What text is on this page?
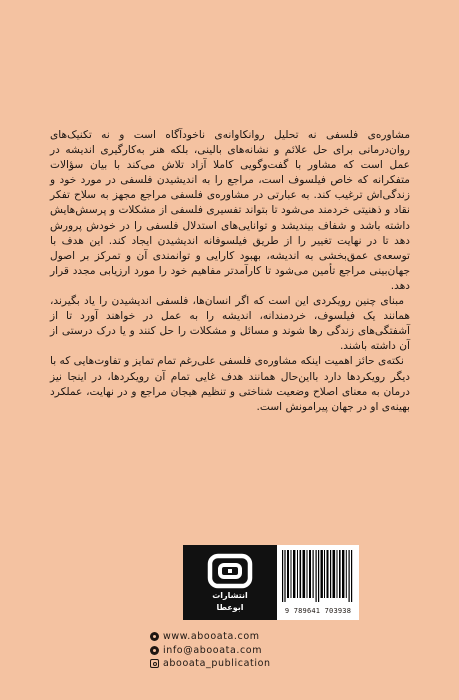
مشاوره‌ی فلسفی نه تحلیل روانکاوانه‌ی ناخودآگاه است و نه تکنیک‌های روان‌درمانی برای حل علائم و نشانه‌های بالینی، بلکه هنر به‌کارگیری اندیشه در عمل است که مشاور با گفت‌وگویی کاملا آزاد تلاش می‌کند با بیان سؤالات متفکرانه که خاص فیلسوف است، مراجع را به اندیشیدن فلسفی در مورد خود و زندگی‌اش ترغیب کند. به عبارتی در مشاوره‌ی فلسفی مراجع مجهز به سلاح تفکر نقاد و ذهنیتی خردمند می‌شود تا بتواند تفسیری فلسفی از مشکلات و پرسش‌هایش داشته باشد و شفاف بیندیشد و توانایی‌های استدلال فلسفی را در خودش پرورش دهد تا در نهایت تغییر را از طریق فیلسوفانه اندیشیدن ایجاد کند. این هدف با توسعه‌ی عمق‌بخشی به اندیشه، بهبود کارایی و توانمندی آن و تمرکز بر اصول جهان‌بینی مراجع تأمین می‌شود تا کارآمدتر مفاهیم خود را مورد ارزیابی مجدد قرار دهد.

مبنای چنین رویکردی این است که اگر انسان‌ها، فلسفی اندیشیدن را یاد بگیرند، همانند یک فیلسوف، خردمندانه، اندیشه را به عمل در خواهند آورد تا از آشفتگی‌های زندگی رها شوند و مسائل و مشکلات را حل کنند و یا درک درستی از آن داشته باشند.

نکته‌ی حائز اهمیت اینکه مشاوره‌ی فلسفی علی‌رغم تمام تمایز و تفاوت‌هایی که با دیگر رویکردها دارد بااین‌حال همانند هدف غایی تمام آن رویکردها، در اینجا نیز درمان به معنای اصلاح وضعیت شناختی و تنظیم هیجان مراجع و در نهایت، عملکرد بهینه‌ی او در جهان پیرامونش است.

انتشارات
ابوعطا	9 789641 703938
www.abooata.com
info@abooata.com
abooata_publication
